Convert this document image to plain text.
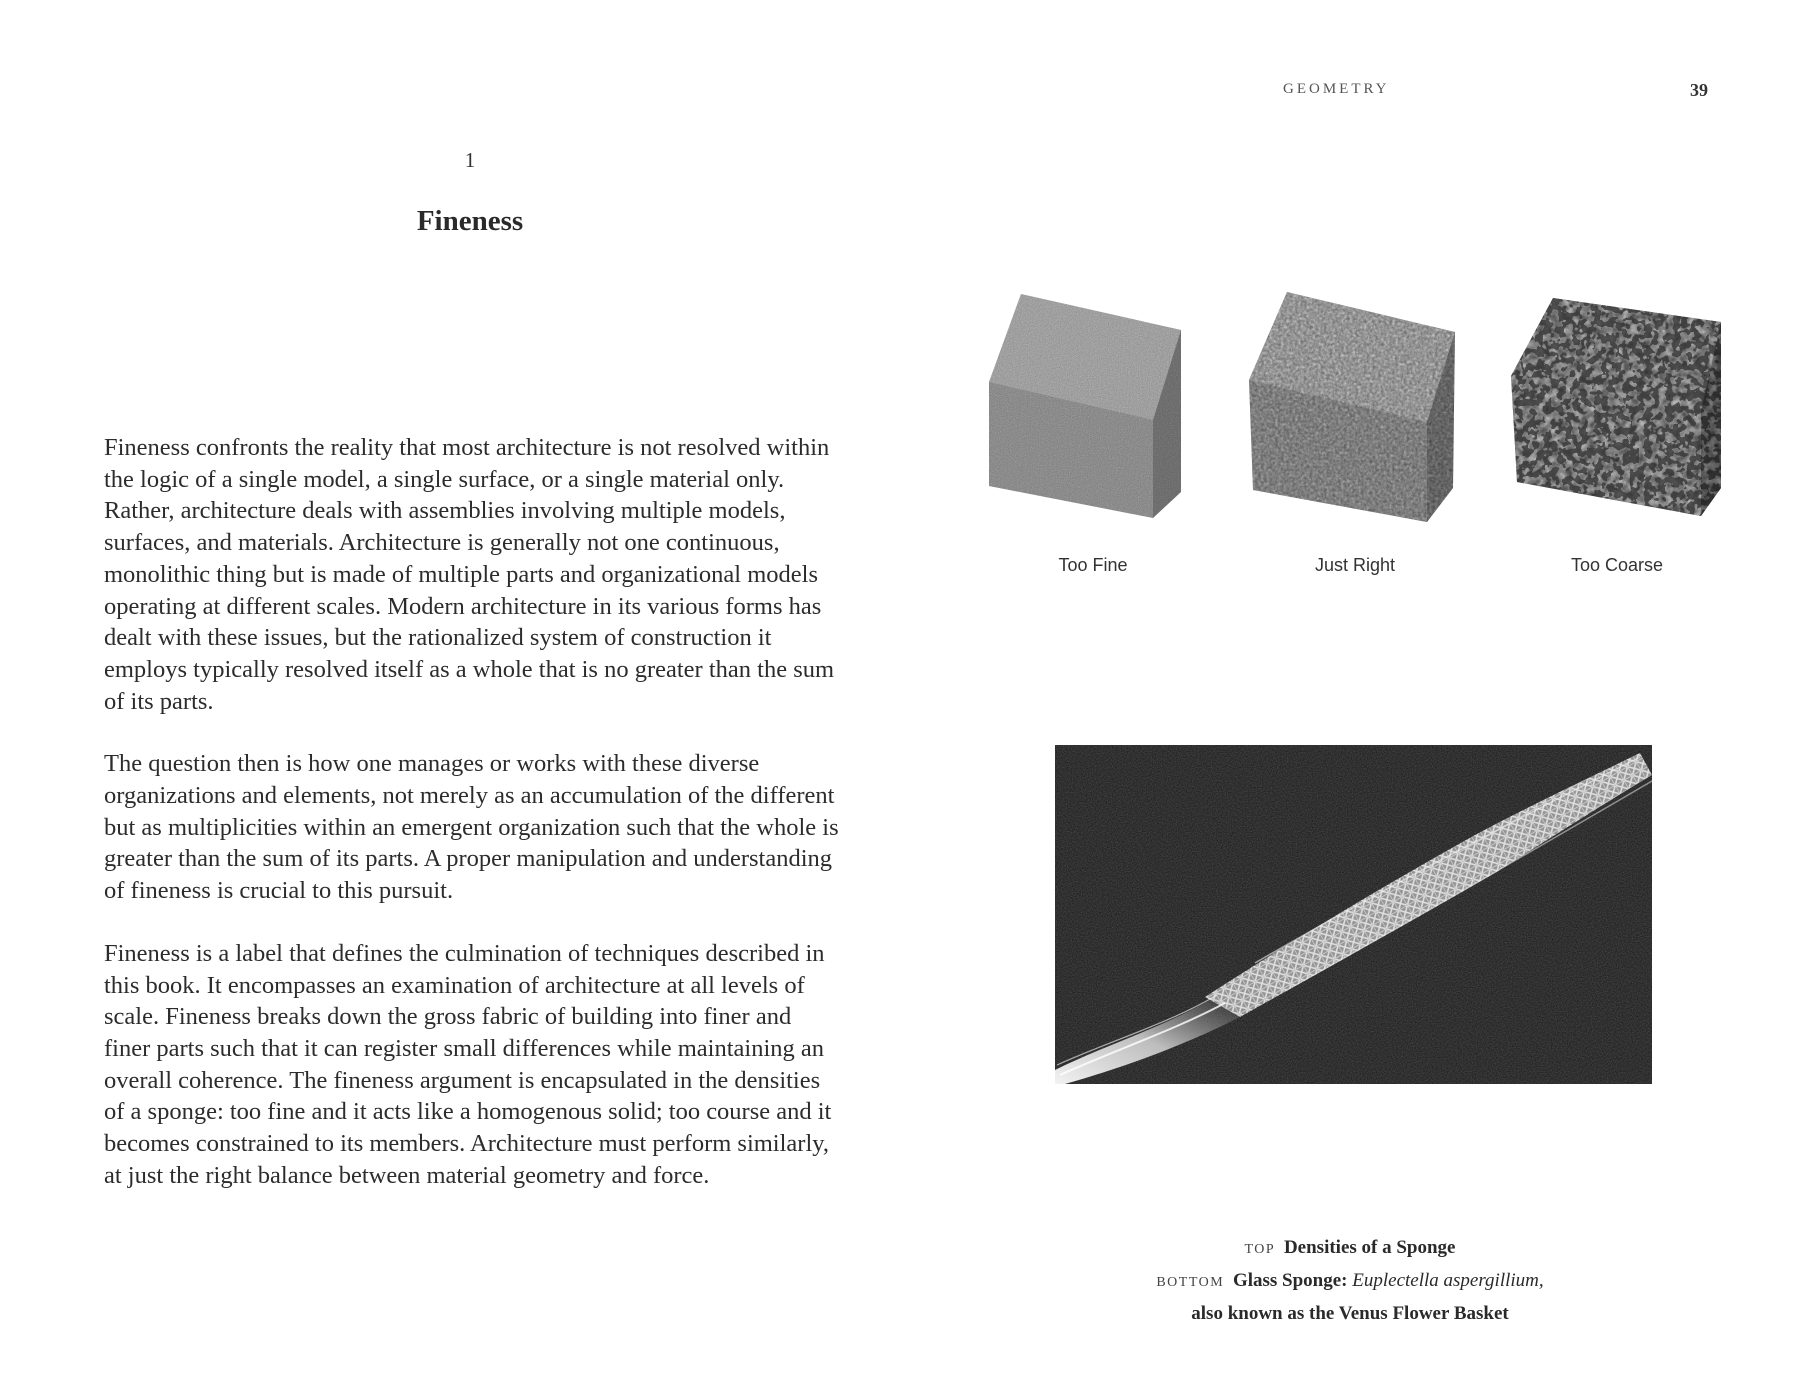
GEOMETRY	39
1
Fineness

Fineness confronts the reality that most architecture is not resolved within the logic of a single model, a single surface, or a single material only. Rather, architecture deals with assemblies involving multiple models, surfaces, and materials. Architecture is generally not one continuous, monolithic thing but is made of multiple parts and organizational models operating at different scales. Modern architecture in its various forms has dealt with these issues, but the rationalized system of construction it employs typically resolved itself as a whole that is no greater than the sum of its parts.

The question then is how one manages or works with these diverse organizations and elements, not merely as an accumulation of the different but as multiplicities within an emergent organization such that the whole is greater than the sum of its parts. A proper manipulation and understanding of fineness is crucial to this pursuit.

Fineness is a label that defines the culmination of techniques described in this book. It encompasses an examination of architecture at all levels of scale. Fineness breaks down the gross fabric of building into finer and finer parts such that it can register small differences while maintaining an overall coherence. The fineness argument is encapsulated in the densities of a sponge: too fine and it acts like a homogenous solid; too course and it becomes constrained to its members. Architecture must perform similarly, at just the right balance between material geometry and force.

Too Fine	Just Right	Too Coarse
TOP Densities of a Sponge
BOTTOM Glass Sponge: Euplectella aspergillium,
also known as the Venus Flower Basket
